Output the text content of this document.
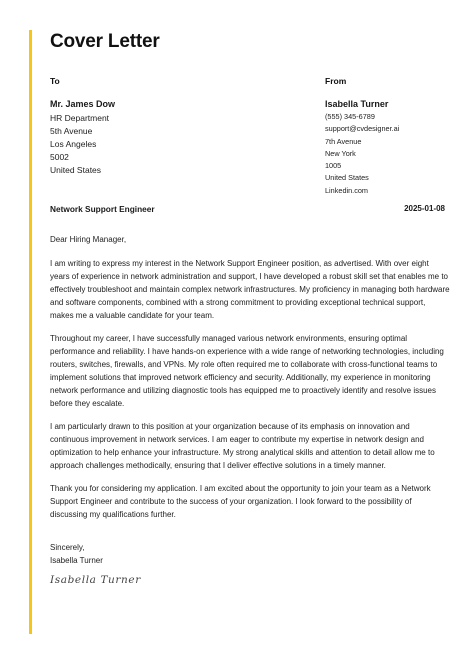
Cover Letter
To	From
Mr. James Dow
HR Department
5th Avenue
Los Angeles
5002
United States
Isabella Turner
(555) 345-6789
support@cvdesigner.ai
7th Avenue
New York
1005
United States
Linkedin.com
Network Support Engineer	2025-01-08

Dear Hiring Manager,

I am writing to express my interest in the Network Support Engineer position, as advertised. With over eight years of experience in network administration and support, I have developed a robust skill set that enables me to effectively troubleshoot and maintain complex network infrastructures. My proficiency in managing both hardware and software components, combined with a strong commitment to providing exceptional technical support, makes me a valuable candidate for your team.

Throughout my career, I have successfully managed various network environments, ensuring optimal performance and reliability. I have hands-on experience with a wide range of networking technologies, including routers, switches, firewalls, and VPNs. My role often required me to collaborate with cross-functional teams to implement solutions that improved network efficiency and security. Additionally, my experience in monitoring network performance and utilizing diagnostic tools has equipped me to proactively identify and resolve issues before they escalate.

I am particularly drawn to this position at your organization because of its emphasis on innovation and continuous improvement in network services. I am eager to contribute my expertise in network design and optimization to help enhance your infrastructure. My strong analytical skills and attention to detail allow me to approach challenges methodically, ensuring that I deliver effective solutions in a timely manner.

Thank you for considering my application. I am excited about the opportunity to join your team as a Network Support Engineer and contribute to the success of your organization. I look forward to the possibility of discussing my qualifications further.

Sincerely,
Isabella Turner
Isabella Turner
